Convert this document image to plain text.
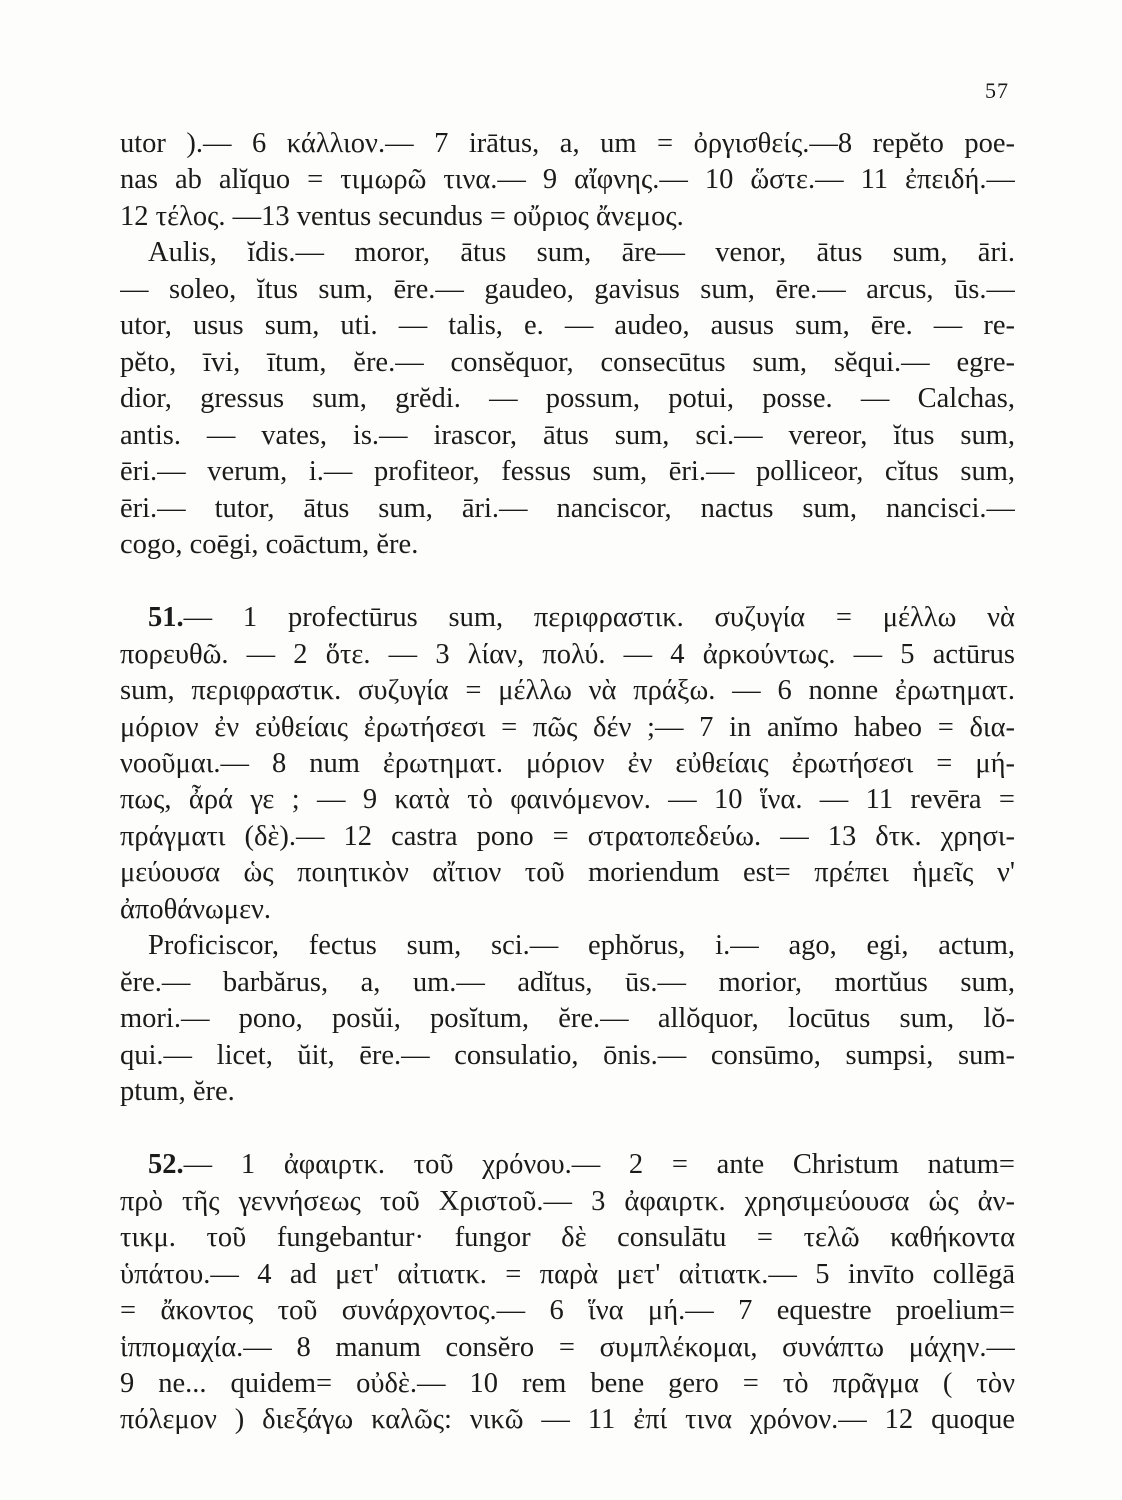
57
utor ).— 6 κάλλιον.— 7 irātus, a, um = ὀργισθείς.—8 repĕto poe-
nas ab alĭquo = τιμωρῶ τινα.— 9 αἴφνης.— 10 ὥστε.— 11 ἐπειδή.—
12 τέλος. —13 ventus secundus = οὔριος ἄνεμος.
Aulis, ĭdis.— moror, ātus sum, āre— venor, ātus sum, āri.
— soleo, ĭtus sum, ēre.— gaudeo, gavisus sum, ēre.— arcus, ūs.—
utor, usus sum, uti. — talis, e. — audeo, ausus sum, ēre. — re-
pĕto, īvi, ītum, ĕre.— consĕquor, consecūtus sum, sĕqui.— egre-
dior, gressus sum, grĕdi. — possum, potui, posse. — Calchas,
antis. — vates, is.— irascor, ātus sum, sci.— vereor, ĭtus sum,
ēri.— verum, i.— profiteor, fessus sum, ēri.— polliceor, cĭtus sum,
ēri.— tutor, ātus sum, āri.— nanciscor, nactus sum, nancisci.—
cogo, coēgi, coāctum, ĕre.
51.— 1 profectūrus sum, περιφραστικ. συζυγία = μέλλω νὰ
πορευθῶ. — 2 ὅτε. — 3 λίαν, πολύ. — 4 ἀρκούντως. — 5 actūrus
sum, περιφραστικ. συζυγία = μέλλω νὰ πράξω. — 6 nonne ἐρωτηματ.
μόριον ἐν εὐθείαις ἐρωτήσεσι = πῶς δέν ;— 7 in anĭmo habeo = δια-
νοοῦμαι.— 8 num ἐρωτηματ. μόριον ἐν εὐθείαις ἐρωτήσεσι = μή-
πως, ἆρά γε ; — 9 κατὰ τὸ φαινόμενον. — 10 ἵνα. — 11 revēra =
πράγματι (δὲ).— 12 castra pono = στρατοπεδεύω. — 13 δτκ. χρησι-
μεύουσα ὡς ποιητικὸν αἴτιον τοῦ moriendum est= πρέπει ἡμεῖς ν'
ἀποθάνωμεν.
Proficiscor, fectus sum, sci.— ephŏrus, i.— ago, egi, actum,
ĕre.— barbărus, a, um.— adĭtus, ūs.— morior, mortŭus sum,
mori.— pono, posŭi, posĭtum, ĕre.— allŏquor, locūtus sum, lŏ-
qui.— licet, ŭit, ēre.— consulatio, ōnis.— consūmo, sumpsi, sum-
ptum, ĕre.
52.— 1 ἀφαιρτκ. τοῦ χρόνου.— 2 = ante Christum natum=
πρὸ τῆς γεννήσεως τοῦ Χριστοῦ.— 3 ἀφαιρτκ. χρησιμεύουσα ὡς ἀν-
τικμ. τοῦ fungebantur· fungor δὲ consulātu = τελῶ καθήκοντα
ὑπάτου.— 4 ad μετ' αἰτιατκ. = παρὰ μετ' αἰτιατκ.— 5 invīto collēgā
= ἄκοντος τοῦ συνάρχοντος.— 6 ἵνα μή.— 7 equestre proelium=
ἱππομαχία.— 8 manum consĕro = συμπλέκομαι, συνάπτω μάχην.—
9 ne... quidem= οὐδὲ.— 10 rem bene gero = τὸ πρᾶγμα ( τὸν
πόλεμον ) διεξάγω καλῶς: νικῶ — 11 ἐπί τινα χρόνον.— 12 quoque
